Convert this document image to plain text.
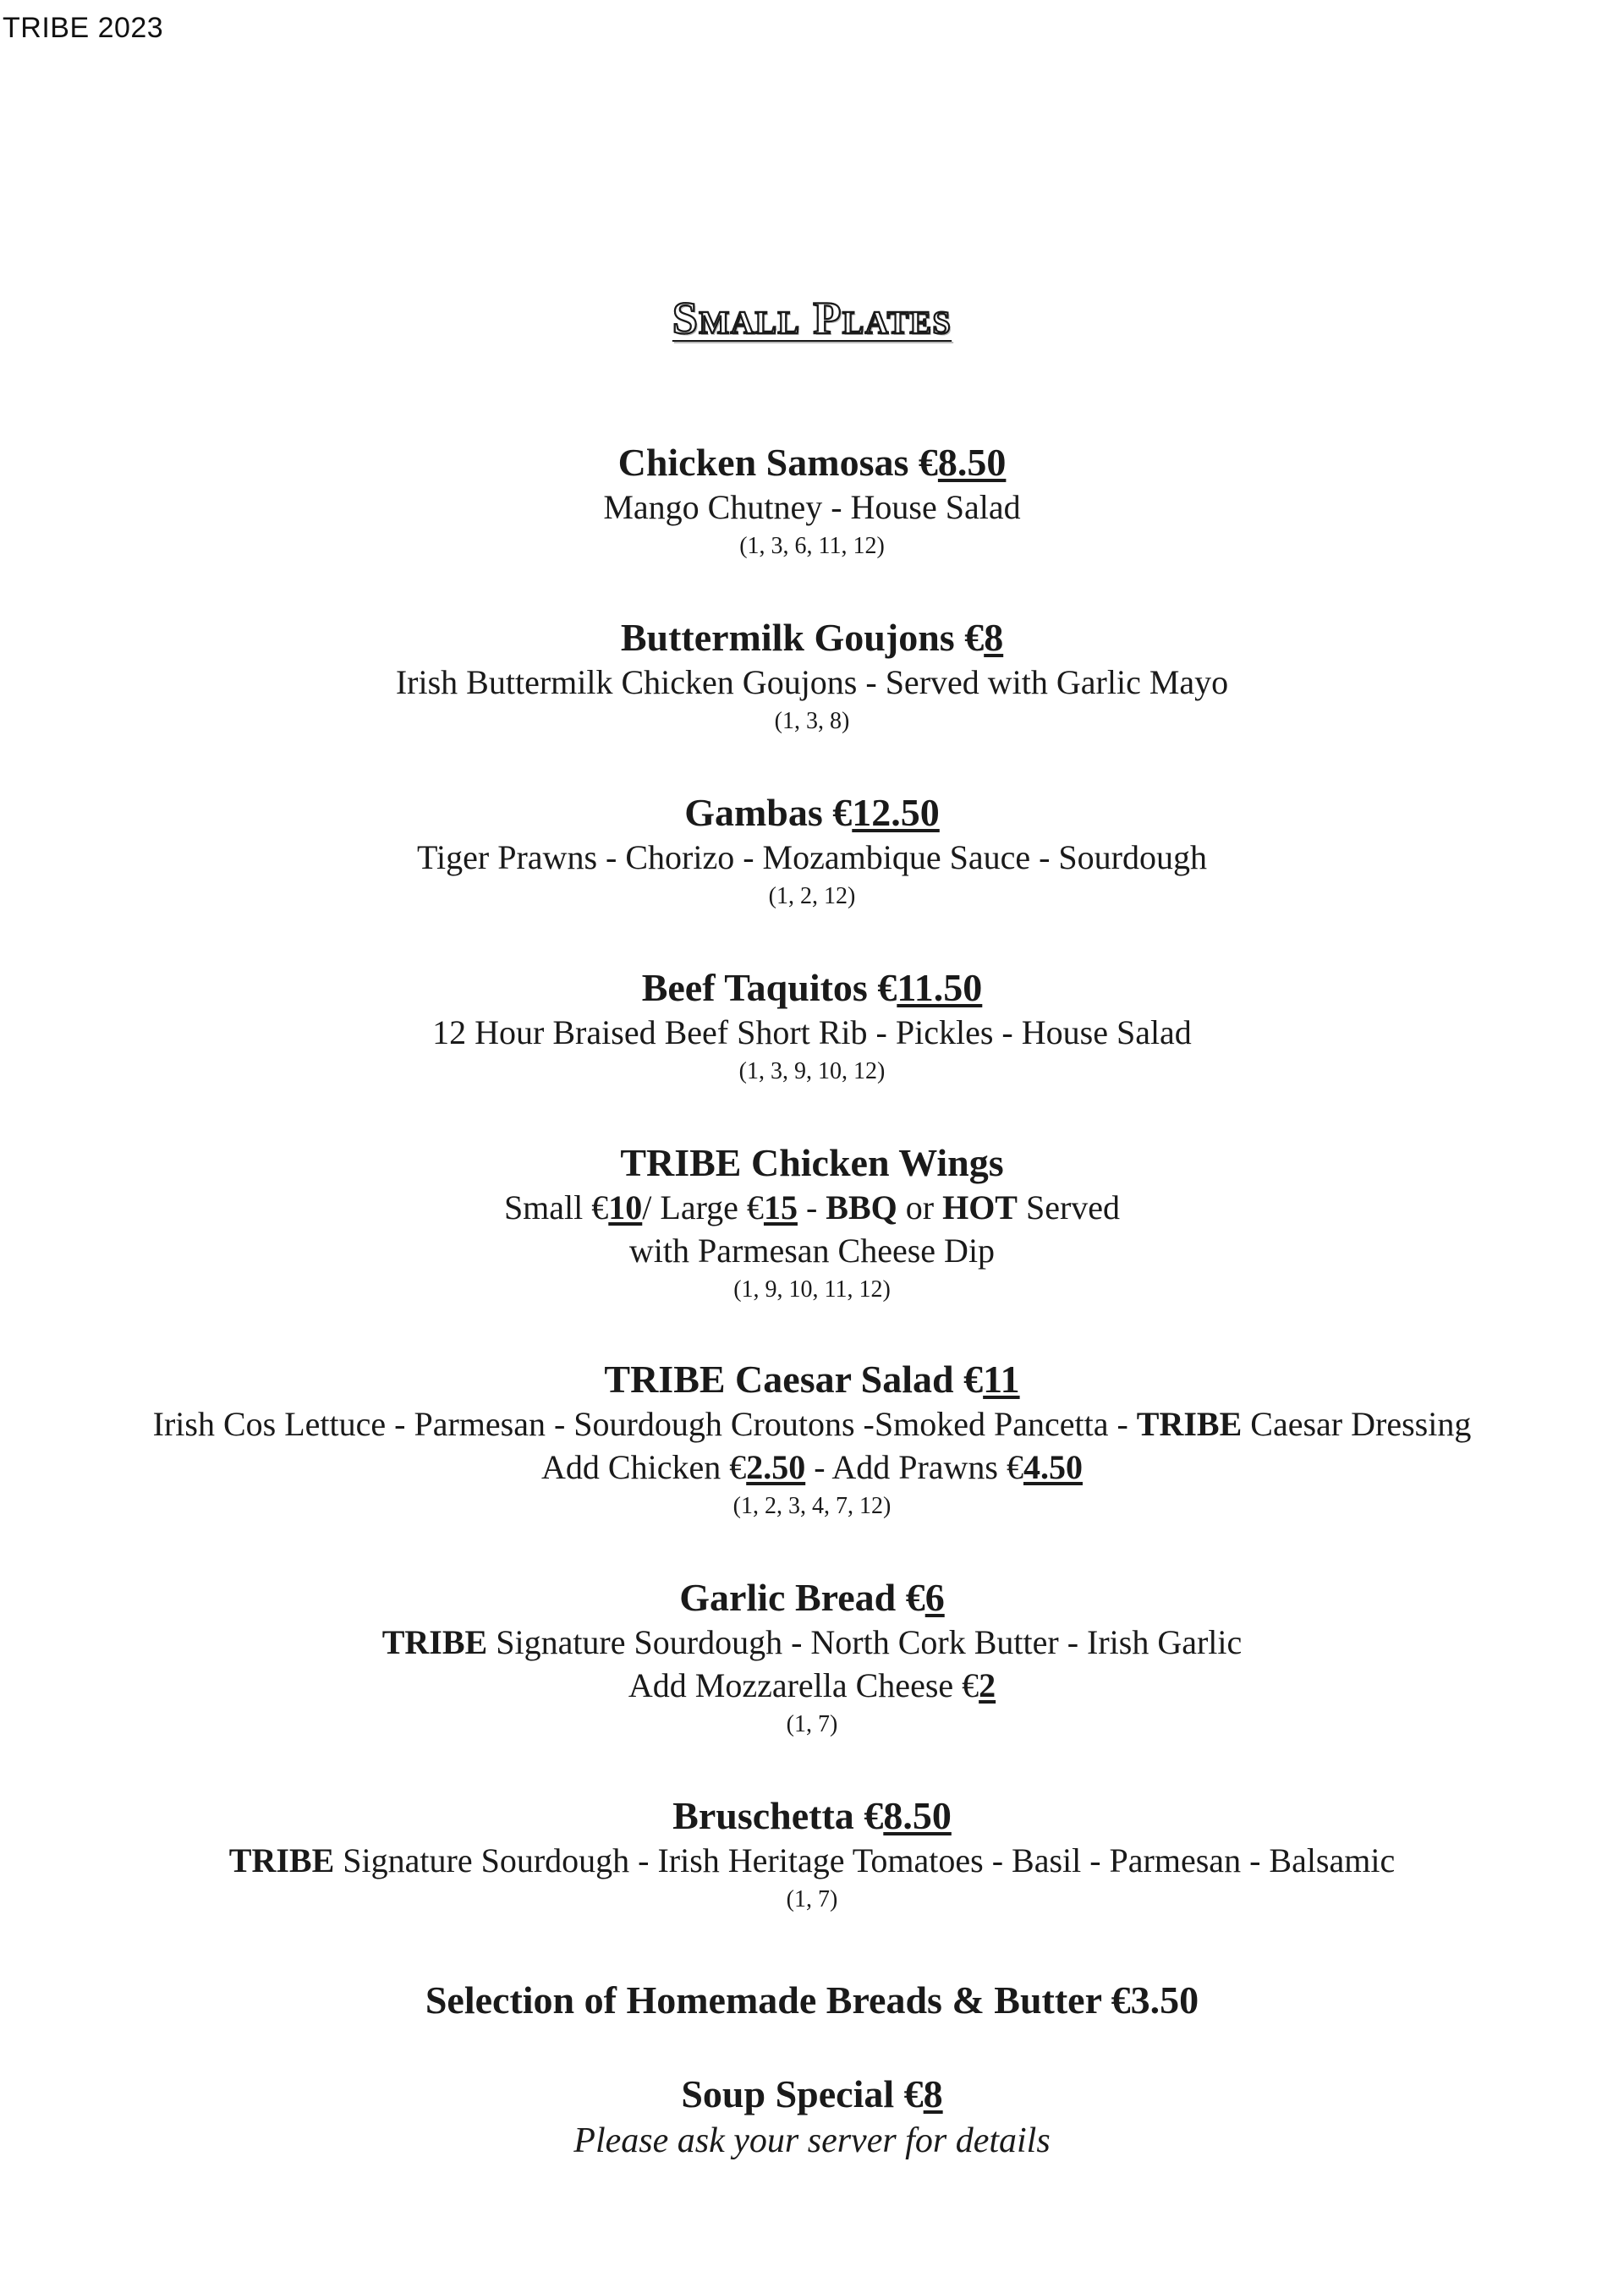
TRIBE 2023
Small Plates
Chicken Samosas €8.50
Mango Chutney - House Salad
(1, 3, 6, 11, 12)
Buttermilk Goujons €8
Irish Buttermilk Chicken Goujons - Served with Garlic Mayo
(1, 3, 8)
Gambas €12.50
Tiger Prawns - Chorizo - Mozambique Sauce - Sourdough
(1, 2, 12)
Beef Taquitos €11.50
12 Hour Braised Beef Short Rib - Pickles - House Salad
(1, 3, 9, 10, 12)
TRIBE Chicken Wings
Small €10/ Large €15 - BBQ or HOT Served
with Parmesan Cheese Dip
(1, 9, 10, 11, 12)
TRIBE Caesar Salad €11
Irish Cos Lettuce - Parmesan - Sourdough Croutons -Smoked Pancetta - TRIBE Caesar Dressing
Add Chicken €2.50 - Add Prawns €4.50
(1, 2, 3, 4, 7, 12)
Garlic Bread €6
TRIBE Signature Sourdough - North Cork Butter - Irish Garlic
Add Mozzarella Cheese €2
(1, 7)
Bruschetta €8.50
TRIBE Signature Sourdough - Irish Heritage Tomatoes - Basil - Parmesan - Balsamic
(1, 7)
Selection of Homemade Breads & Butter €3.50
Soup Special €8
Please ask your server for details
